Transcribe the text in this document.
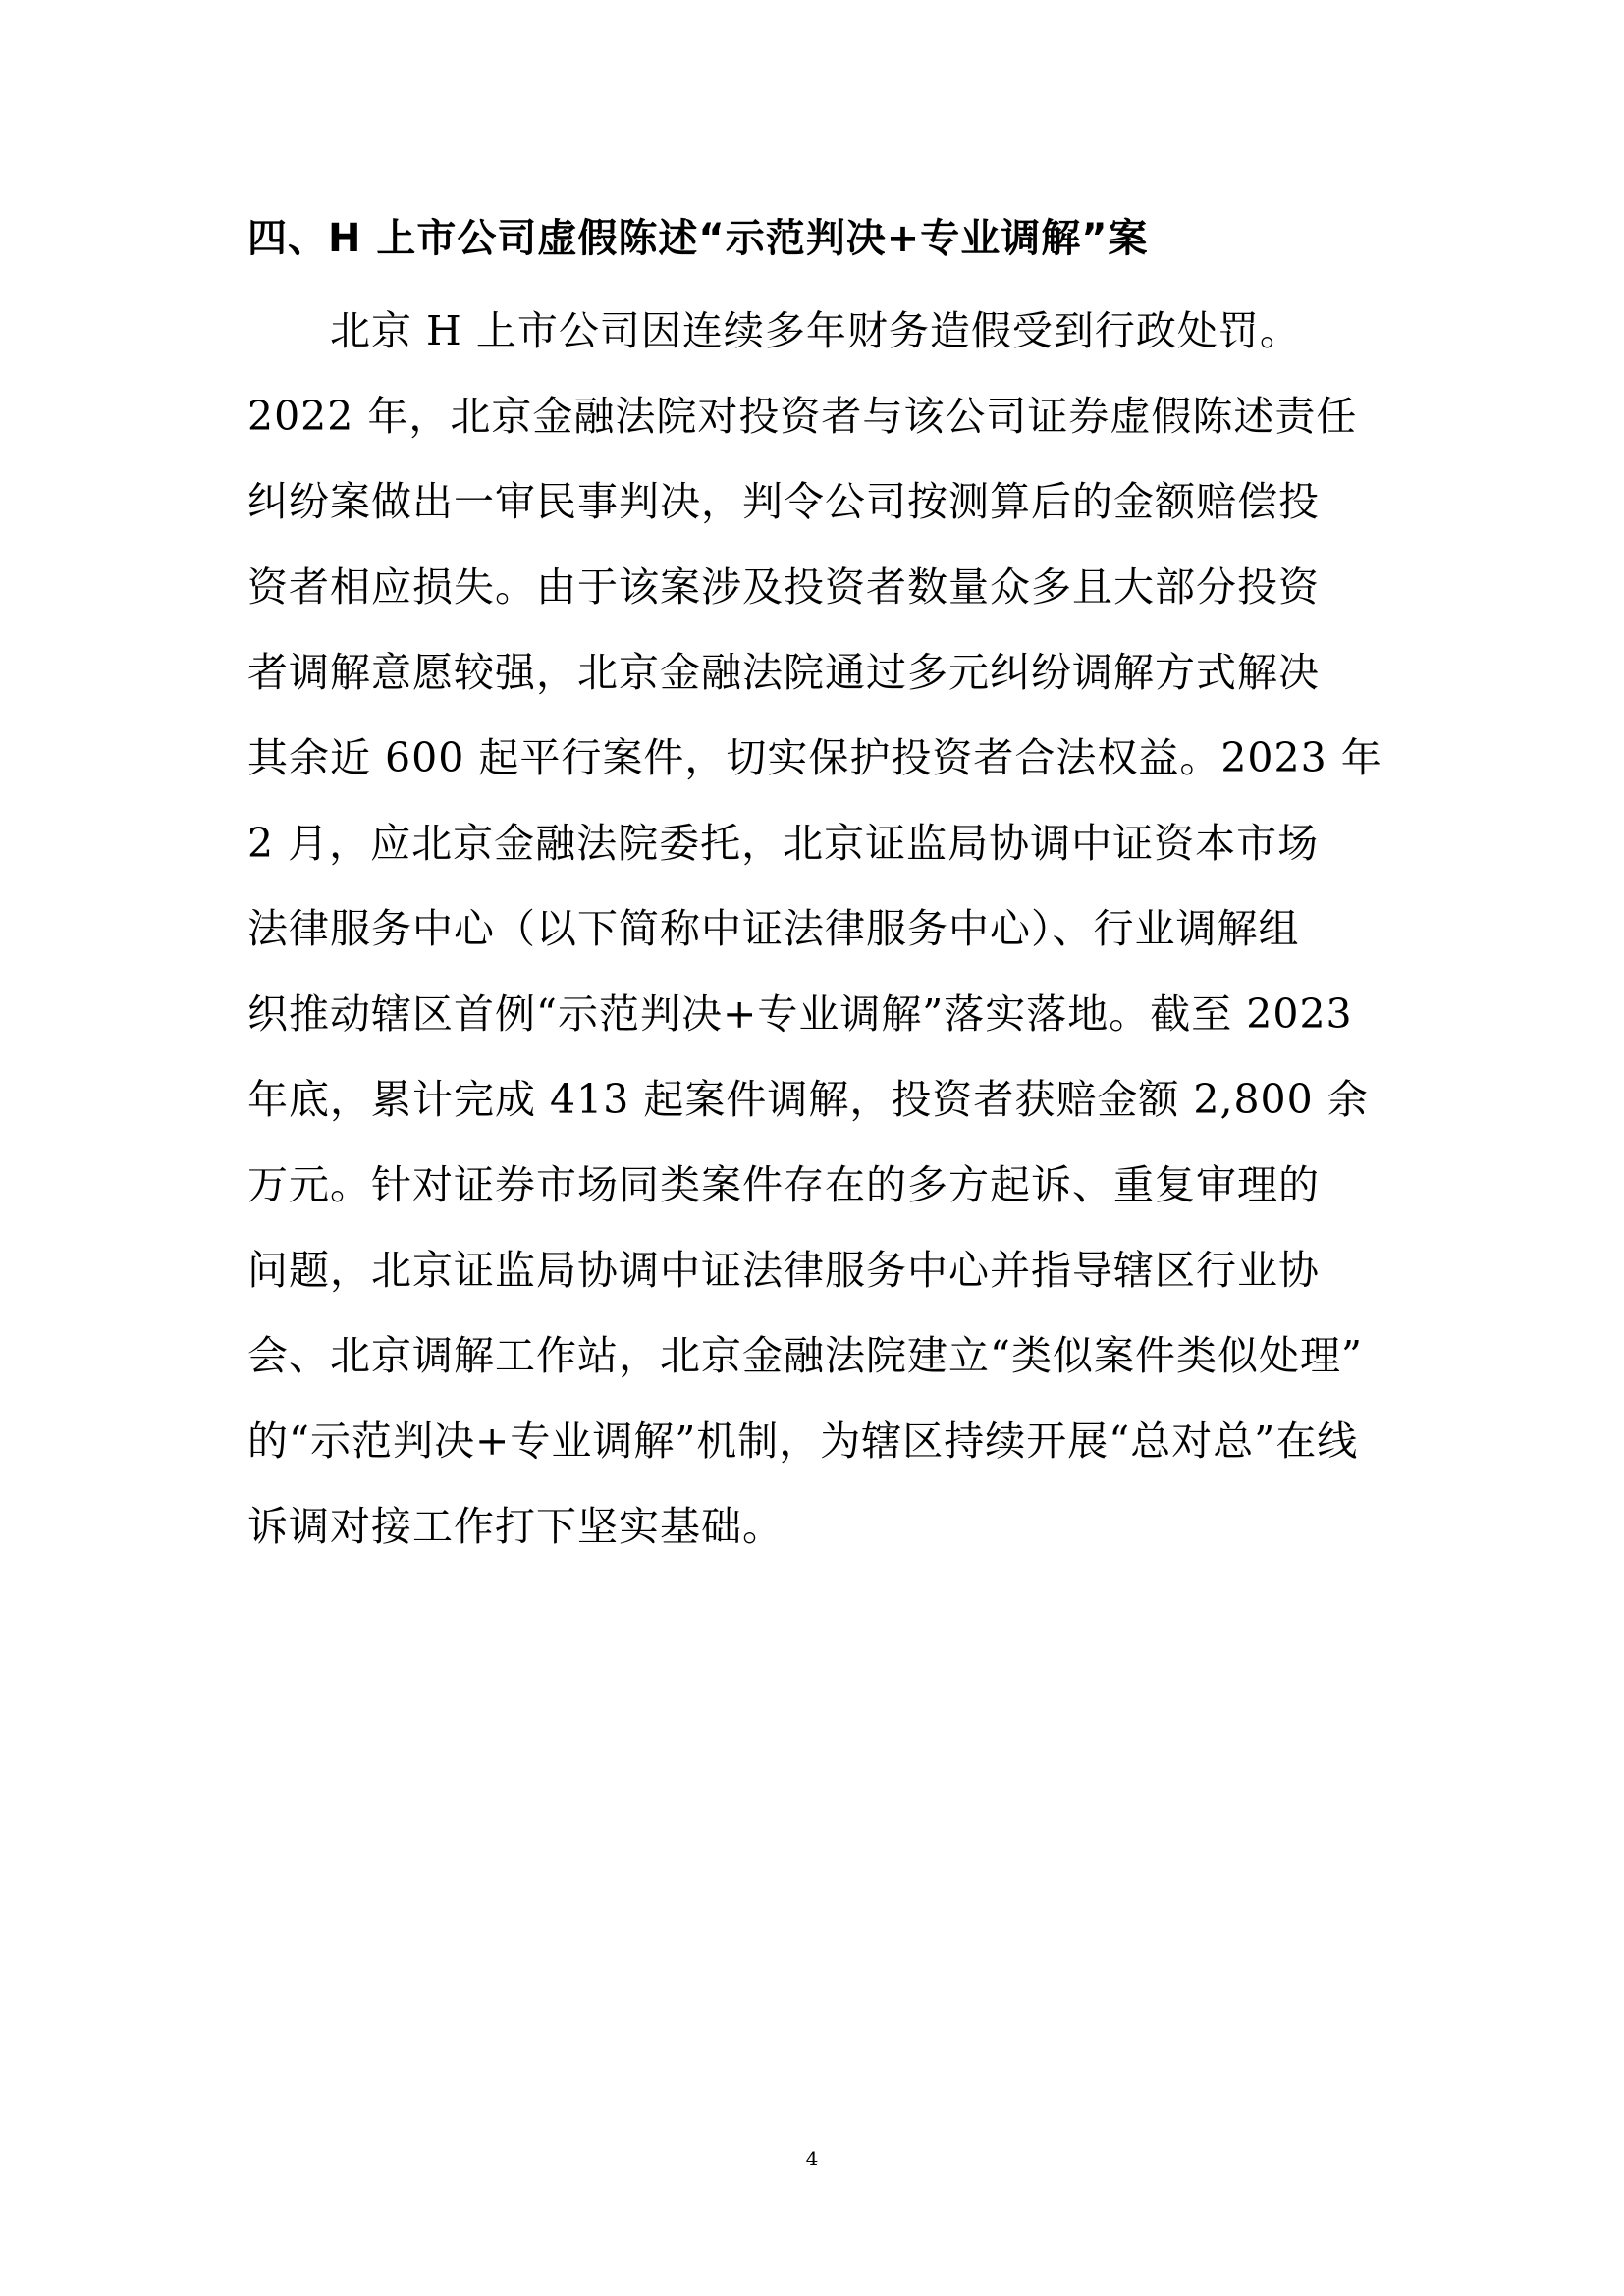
四、H 上市公司虚假陈述“示范判决+专业调解”案
北京 H 上市公司因连续多年财务造假受到行政处罚。
2022 年，北京金融法院对投资者与该公司证券虚假陈述责任
纠纷案做出一审民事判决，判令公司按测算后的金额赔偿投
资者相应损失。由于该案涉及投资者数量众多且大部分投资
者调解意愿较强，北京金融法院通过多元纠纷调解方式解决
其余近 600 起平行案件，切实保护投资者合法权益。2023 年
2 月，应北京金融法院委托，北京证监局协调中证资本市场
法律服务中心（以下简称中证法律服务中心）、行业调解组
织推动辖区首例“示范判决+专业调解”落实落地。截至 2023
年底，累计完成 413 起案件调解，投资者获赔金额 2,800 余
万元。针对证券市场同类案件存在的多方起诉、重复审理的
问题，北京证监局协调中证法律服务中心并指导辖区行业协
会、北京调解工作站，北京金融法院建立“类似案件类似处理”
的“示范判决+专业调解”机制，为辖区持续开展“总对总”在线
诉调对接工作打下坚实基础。
4
